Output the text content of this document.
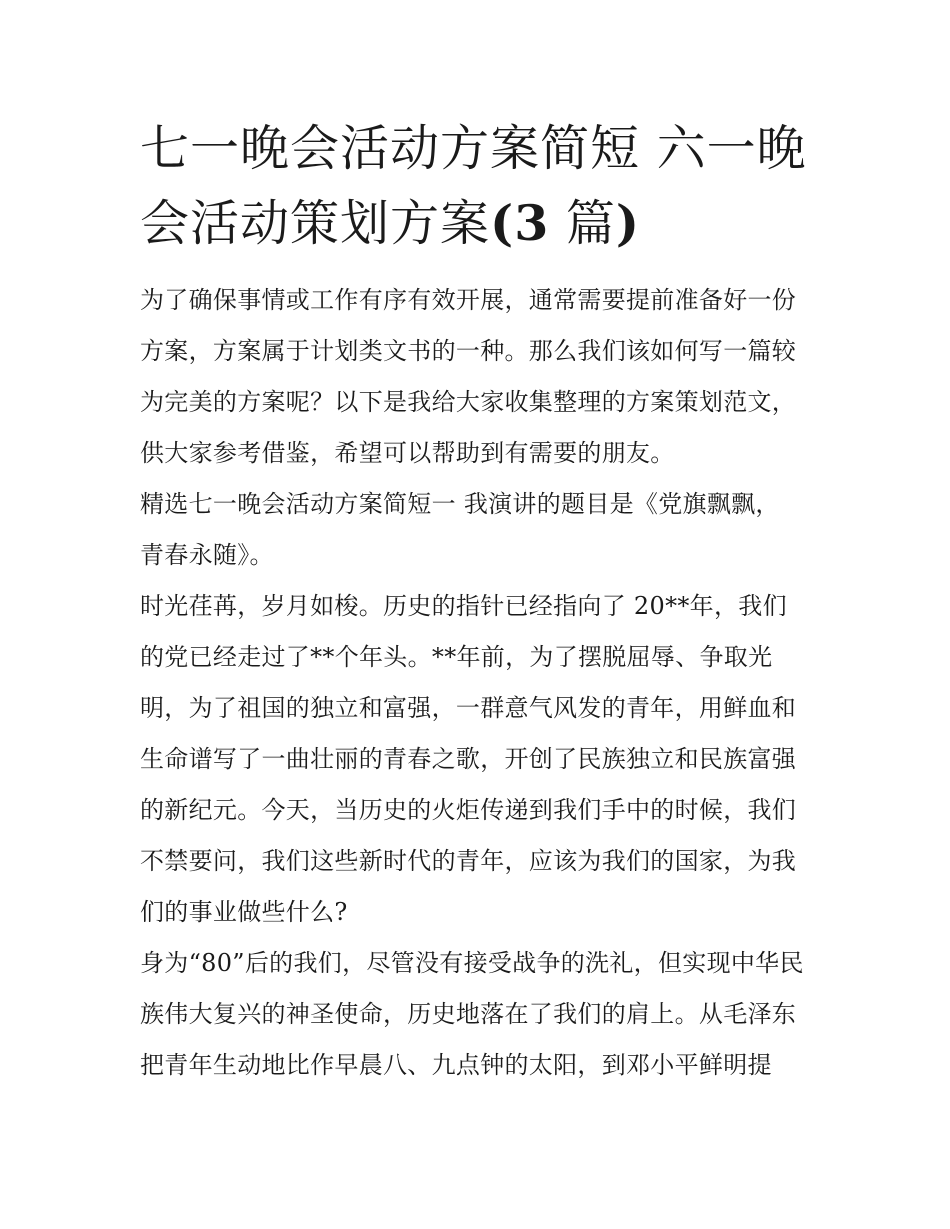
七一晚会活动方案简短 六一晚
会活动策划方案(3 篇)

为了确保事情或工作有序有效开展，通常需要提前准备好一份
方案，方案属于计划类文书的一种。那么我们该如何写一篇较
为完美的方案呢？以下是我给大家收集整理的方案策划范文，
供大家参考借鉴，希望可以帮助到有需要的朋友。

精选七一晚会活动方案简短一 我演讲的题目是《党旗飘飘，
青春永随》。

时光荏苒，岁月如梭。历史的指针已经指向了 20**年，我们
的党已经走过了**个年头。**年前，为了摆脱屈辱、争取光
明，为了祖国的独立和富强，一群意气风发的青年，用鲜血和
生命谱写了一曲壮丽的青春之歌，开创了民族独立和民族富强
的新纪元。今天，当历史的火炬传递到我们手中的时候，我们
不禁要问，我们这些新时代的青年，应该为我们的国家，为我
们的事业做些什么?

身为“80”后的我们，尽管没有接受战争的洗礼，但实现中华民
族伟大复兴的神圣使命，历史地落在了我们的肩上。从毛泽东
把青年生动地比作早晨八、九点钟的太阳，到邓小平鲜明提
